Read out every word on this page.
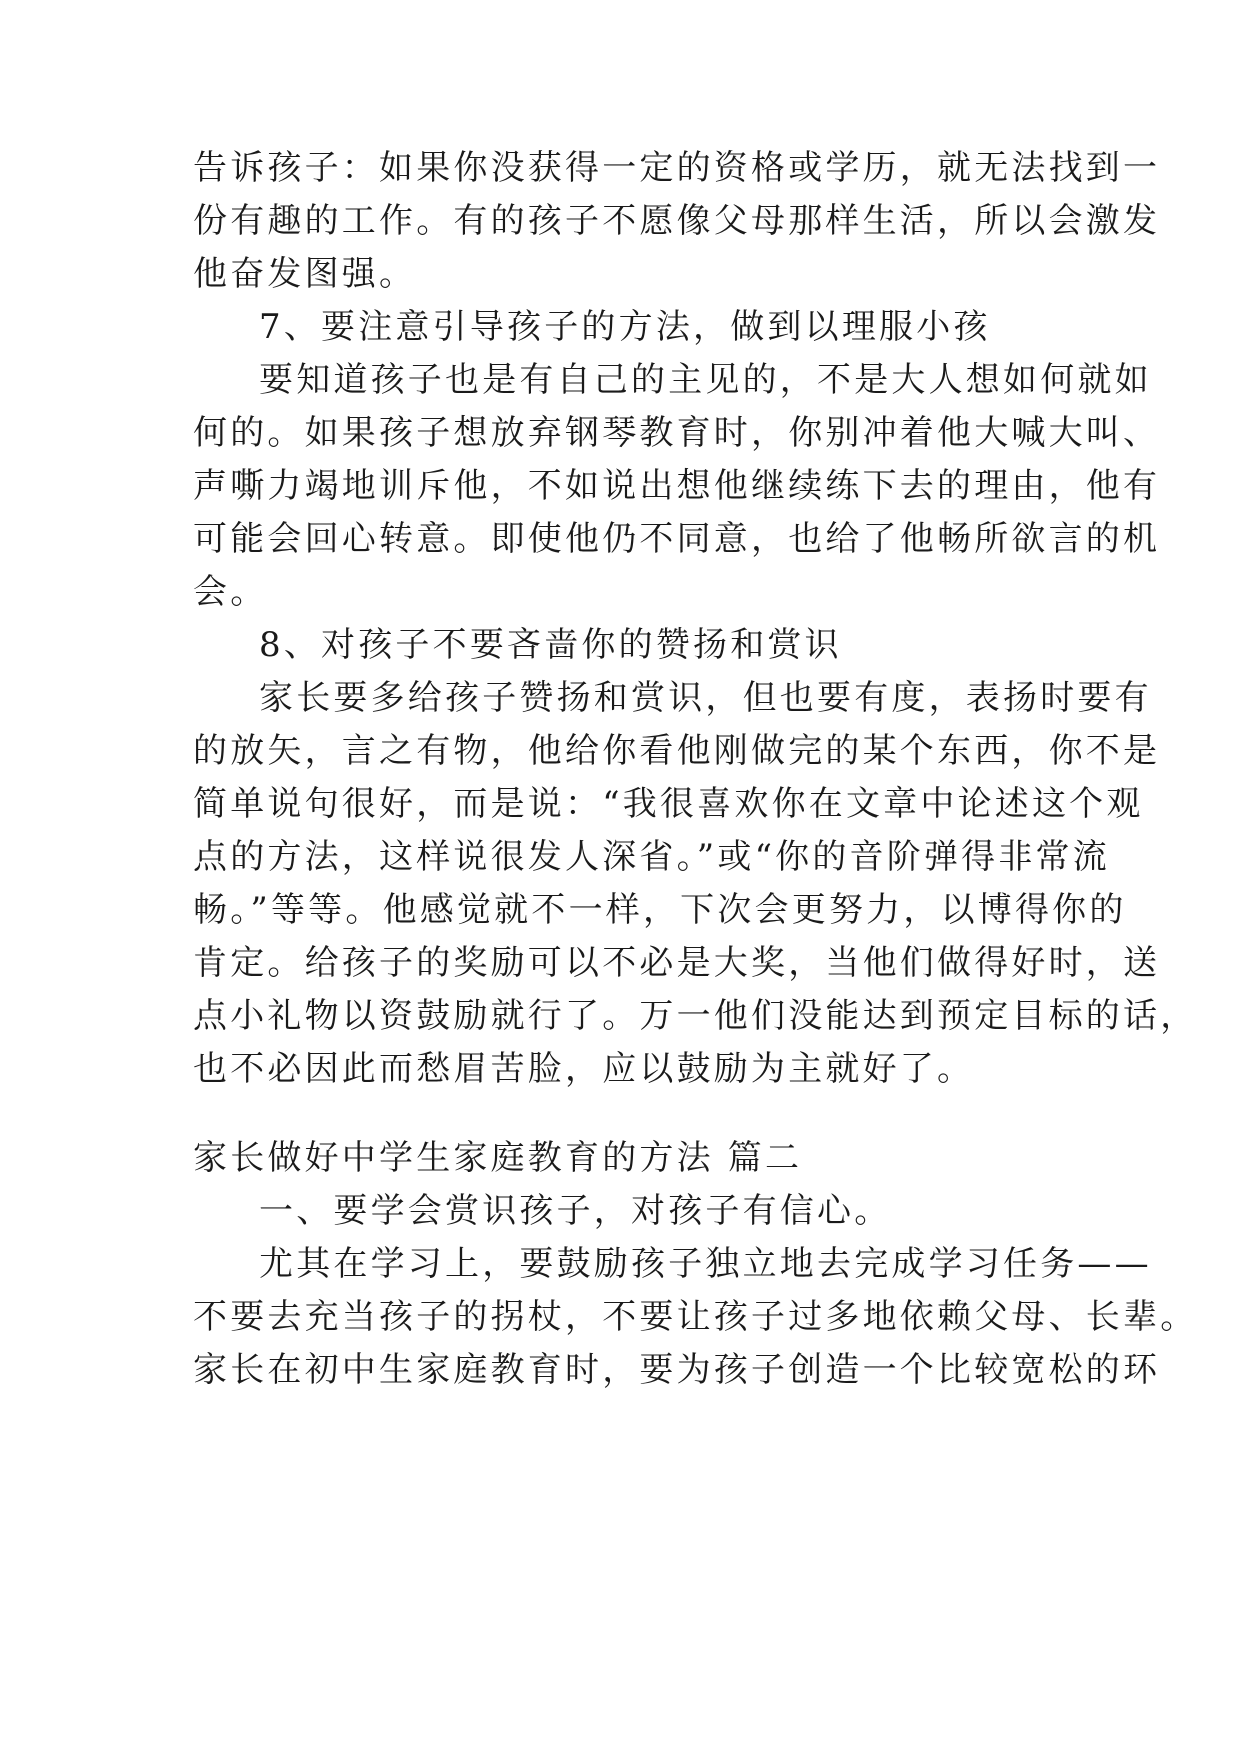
告诉孩子：如果你没获得一定的资格或学历，就无法找到一
份有趣的工作。有的孩子不愿像父母那样生活，所以会激发
他奋发图强。
7、要注意引导孩子的方法，做到以理服小孩
要知道孩子也是有自己的主见的，不是大人想如何就如
何的。如果孩子想放弃钢琴教育时，你别冲着他大喊大叫、
声嘶力竭地训斥他，不如说出想他继续练下去的理由，他有
可能会回心转意。即使他仍不同意，也给了他畅所欲言的机
会。
8、对孩子不要吝啬你的赞扬和赏识
家长要多给孩子赞扬和赏识，但也要有度，表扬时要有
的放矢，言之有物，他给你看他刚做完的某个东西，你不是
简单说句很好，而是说：“我很喜欢你在文章中论述这个观
点的方法，这样说很发人深省。”或“你的音阶弹得非常流
畅。”等等。他感觉就不一样，下次会更努力，以博得你的
肯定。给孩子的奖励可以不必是大奖，当他们做得好时，送
点小礼物以资鼓励就行了。万一他们没能达到预定目标的话，
也不必因此而愁眉苦脸，应以鼓励为主就好了。
家长做好中学生家庭教育的方法 篇二
一、要学会赏识孩子，对孩子有信心。
尤其在学习上，要鼓励孩子独立地去完成学习任务——
不要去充当孩子的拐杖，不要让孩子过多地依赖父母、长辈。
家长在初中生家庭教育时，要为孩子创造一个比较宽松的环
